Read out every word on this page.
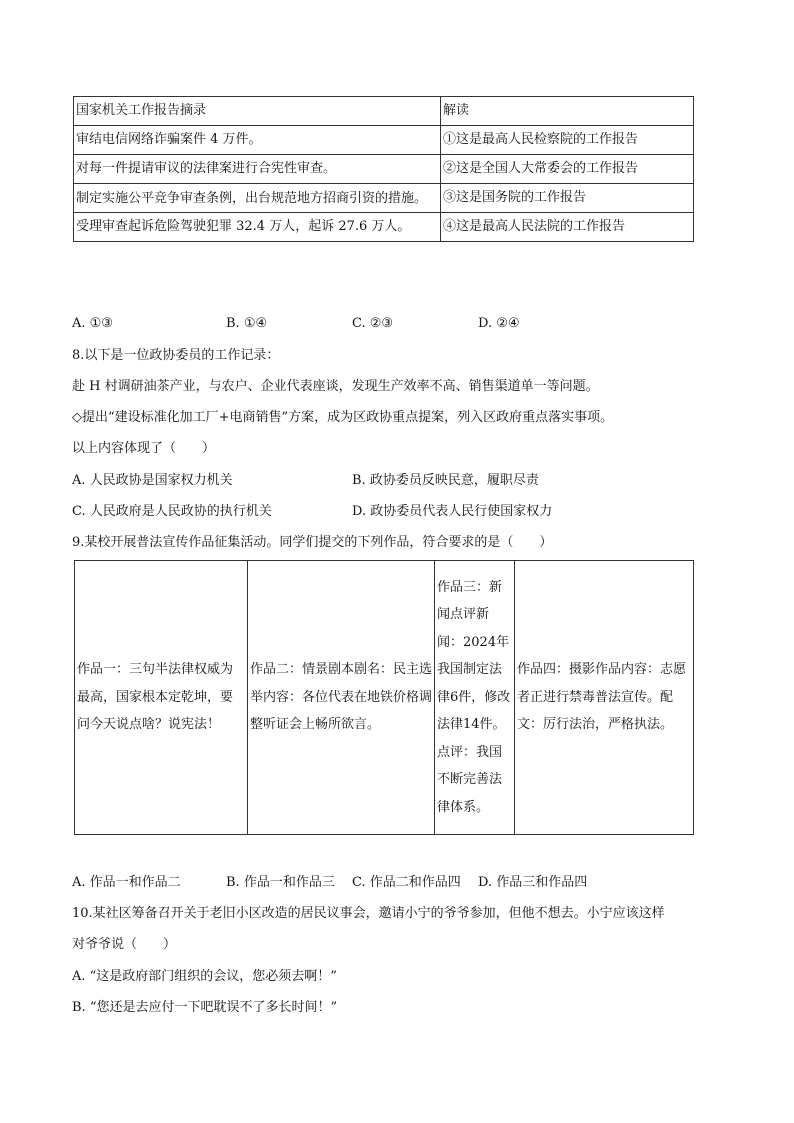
国家机关工作报告摘录	解读
审结电信网络诈骗案件 4 万件。	①这是最高人民检察院的工作报告
对每一件提请审议的法律案进行合宪性审查。	②这是全国人大常委会的工作报告
制定实施公平竞争审查条例，出台规范地方招商引资的措施。	③这是国务院的工作报告
受理审查起诉危险驾驶犯罪 32.4 万人，起诉 27.6 万人。	④这是最高人民法院的工作报告
A. ①③	B. ①④	C. ②③	D. ②④
8.以下是一位政协委员的工作记录：
赴 H 村调研油茶产业，与农户、企业代表座谈，发现生产效率不高、销售渠道单一等问题。
◇提出“建设标准化加工厂+电商销售”方案，成为区政协重点提案，列入区政府重点落实事项。
以上内容体现了（　　）
A. 人民政协是国家权力机关	B. 政协委员反映民意，履职尽责
C. 人民政府是人民政协的执行机关	D. 政协委员代表人民行使国家权力
9.某校开展普法宣传作品征集活动。同学们提交的下列作品，符合要求的是（　　）
作品一：三句半法律权威为最高，国家根本定乾坤，要问今天说点啥？说宪法！	作品二：情景剧本剧名：民主选举内容：各位代表在地铁价格调整听证会上畅所欲言。	作品三：新闻点评新闻：2024年我国制定法律6件，修改法律14件。点评：我国不断完善法律体系。	作品四：摄影作品内容：志愿者正进行禁毒普法宣传。配文：厉行法治，严格执法。
A. 作品一和作品二	B. 作品一和作品三 C. 作品二和作品四 D. 作品三和作品四
10.某社区筹备召开关于老旧小区改造的居民议事会，邀请小宁的爷爷参加，但他不想去。小宁应该这样
对爷爷说（　　）
A. “这是政府部门组织的会议，您必须去啊！”
B. “您还是去应付一下吧耽误不了多长时间！”
